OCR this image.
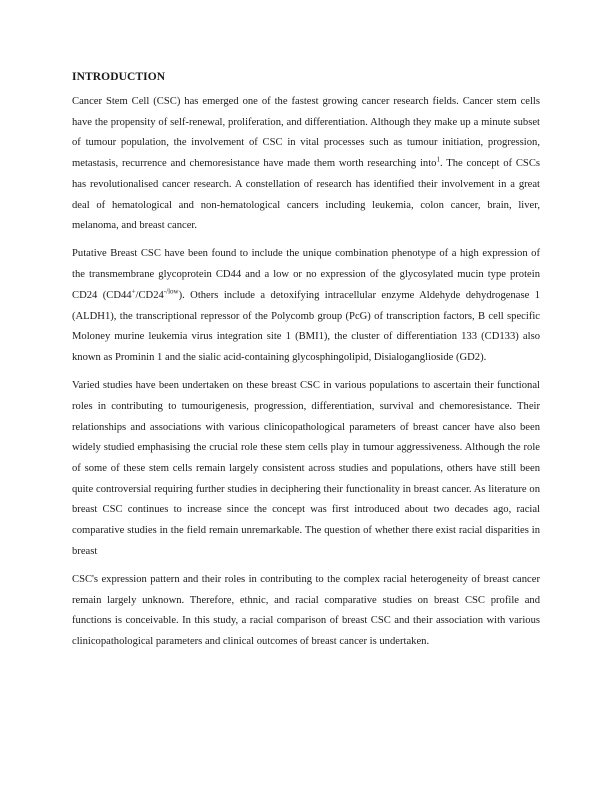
INTRODUCTION

Cancer Stem Cell (CSC) has emerged one of the fastest growing cancer research fields. Cancer stem cells have the propensity of self-renewal, proliferation, and differentiation. Although they make up a minute subset of tumour population, the involvement of CSC in vital processes such as tumour initiation, progression, metastasis, recurrence and chemoresistance have made them worth researching into$^1$. The concept of CSCs has revolutionalised cancer research. A constellation of research has identified their involvement in a great deal of hematological and non-hematological cancers including leukemia, colon cancer, brain, liver, melanoma, and breast cancer.

Putative Breast CSC have been found to include the unique combination phenotype of a high expression of the transmembrane glycoprotein CD44 and a low or no expression of the glycosylated mucin type protein CD24 $(CD44^+/CD24^{-/low})$. Others include a detoxifying intracellular enzyme Aldehyde dehydrogenase 1 (ALDH1), the transcriptional repressor of the Polycomb group (PcG) of transcription factors, B cell specific Moloney murine leukemia virus integration site 1 (BMI1), the cluster of differentiation 133 (CD133) also known as Prominin 1 and the sialic acid-containing glycosphingolipid, Disialoganglioside (GD2).

Varied studies have been undertaken on these breast CSC in various populations to ascertain their functional roles in contributing to tumourigenesis, progression, differentiation, survival and chemoresistance. Their relationships and associations with various clinicopathological parameters of breast cancer have also been widely studied emphasising the crucial role these stem cells play in tumour aggressiveness. Although the role of some of these stem cells remain largely consistent across studies and populations, others have still been quite controversial requiring further studies in deciphering their functionality in breast cancer. As literature on breast CSC continues to increase since the concept was first introduced about two decades ago, racial comparative studies in the field remain unremarkable. The question of whether there exist racial disparities in breast

CSC's expression pattern and their roles in contributing to the complex racial heterogeneity of breast cancer remain largely unknown. Therefore, ethnic, and racial comparative studies on breast CSC profile and functions is conceivable. In this study, a racial comparison of breast CSC and their association with various clinicopathological parameters and clinical outcomes of breast cancer is undertaken.
